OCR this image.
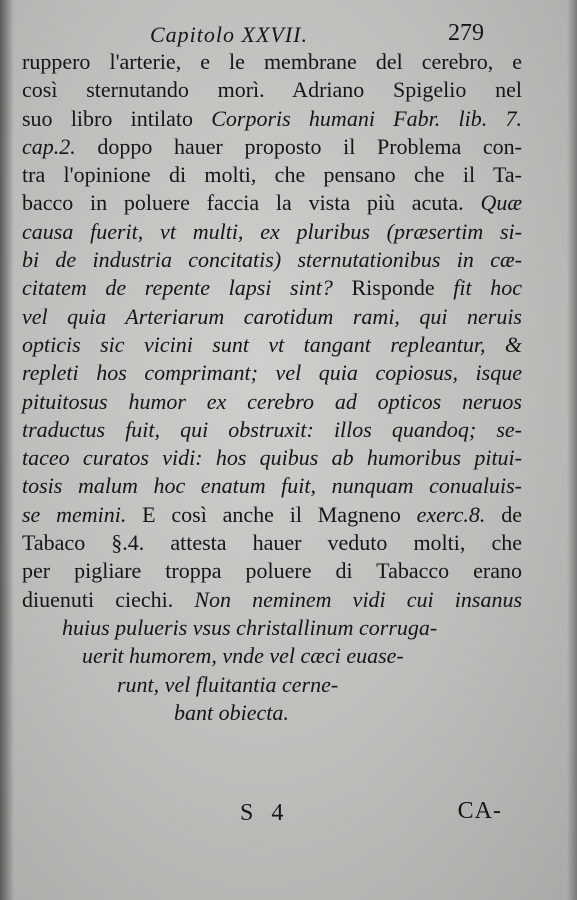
Capitolo XXVII.	279
ruppero l'arterie, e le membrane del cerebro, e
così sternutando morì. Adriano Spigelio nel
suo libro intilato Corporis humani Fabr. lib. 7.
cap.2. doppo hauer proposto il Problema con-
tra l'opinione di molti, che pensano che il Ta-
bacco in poluere faccia la vista più acuta. Quæ
causa fuerit, vt multi, ex pluribus (præsertim si-
bi de industria concitatis) sternutationibus in cæ-
citatem de repente lapsi sint? Risponde fit hoc
vel quia Arteriarum carotidum rami, qui neruis
opticis sic vicini sunt vt tangant repleantur, &
repleti hos comprimant; vel quia copiosus, isque
pituitosus humor ex cerebro ad opticos neruos
traductus fuit, qui obstruxit: illos quandoq; se-
taceo curatos vidi: hos quibus ab humoribus pitui-
tosis malum hoc enatum fuit, nunquam conualuis-
se memini. E così anche il Magneno exerc.8. de
Tabaco §.4. attesta hauer veduto molti, che
per pigliare troppa poluere di Tabacco erano
diuenuti ciechi. Non neminem vidi cui insanus
huius pulueris vsus christallinum corruga-
uerit humorem, vnde vel cæci euase-
runt, vel fluitantia cerne-
bant obiecta.
S 4	CA-
